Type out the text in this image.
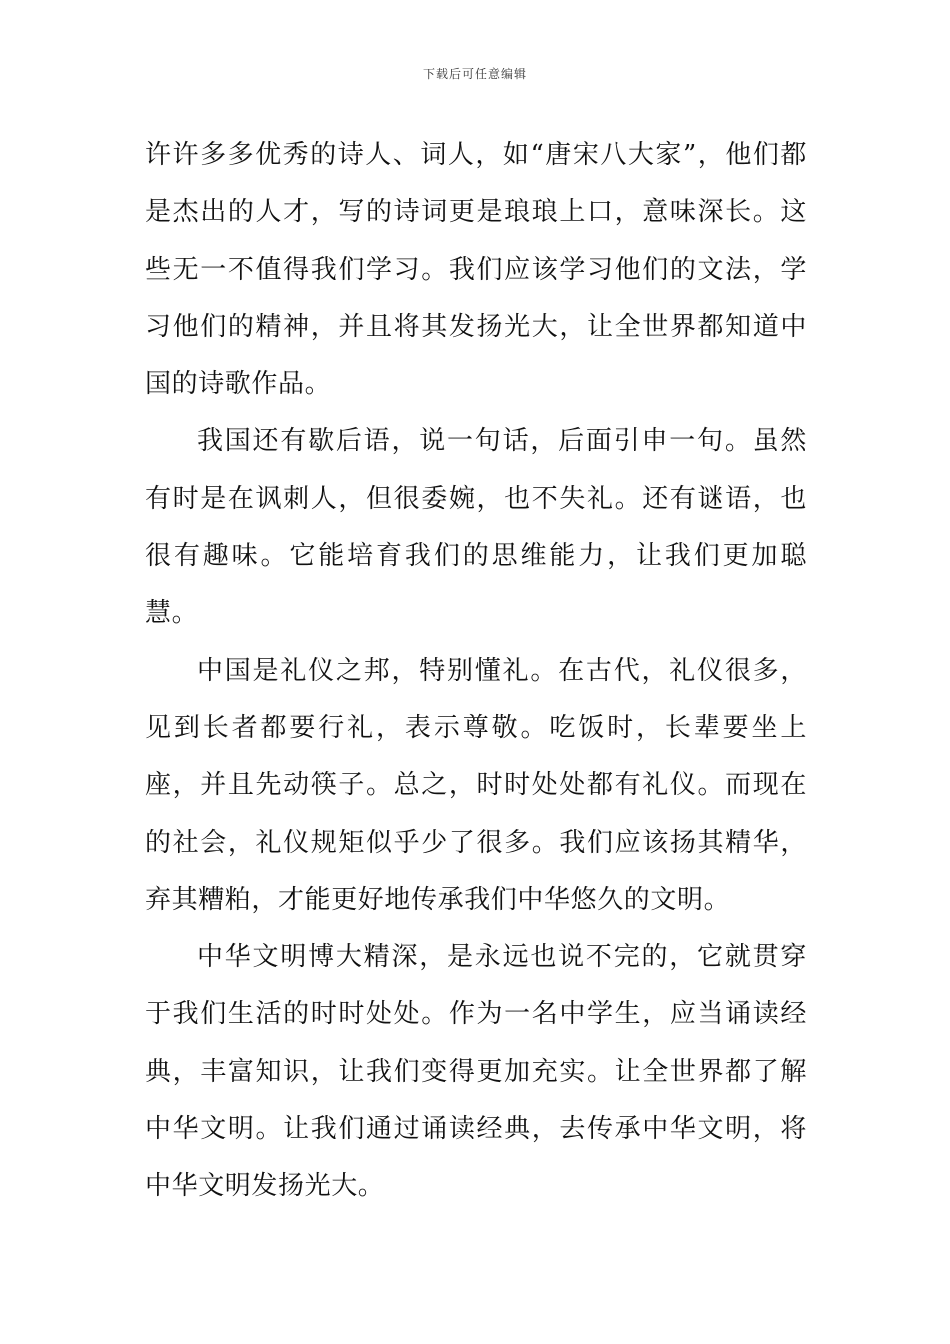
下载后可任意编辑

许许多多优秀的诗人、词人，如“唐宋八大家”，他们都是杰出的人才，写的诗词更是琅琅上口，意味深长。这些无一不值得我们学习。我们应该学习他们的文法，学习他们的精神，并且将其发扬光大，让全世界都知道中国的诗歌作品。

我国还有歇后语，说一句话，后面引申一句。虽然有时是在讽刺人，但很委婉，也不失礼。还有谜语，也很有趣味。它能培育我们的思维能力，让我们更加聪慧。

中国是礼仪之邦，特别懂礼。在古代，礼仪很多，见到长者都要行礼，表示尊敬。吃饭时，长辈要坐上座，并且先动筷子。总之，时时处处都有礼仪。而现在的社会，礼仪规矩似乎少了很多。我们应该扬其精华，弃其糟粕，才能更好地传承我们中华悠久的文明。

中华文明博大精深，是永远也说不完的，它就贯穿于我们生活的时时处处。作为一名中学生，应当诵读经典，丰富知识，让我们变得更加充实。让全世界都了解中华文明。让我们通过诵读经典，去传承中华文明，将中华文明发扬光大。
